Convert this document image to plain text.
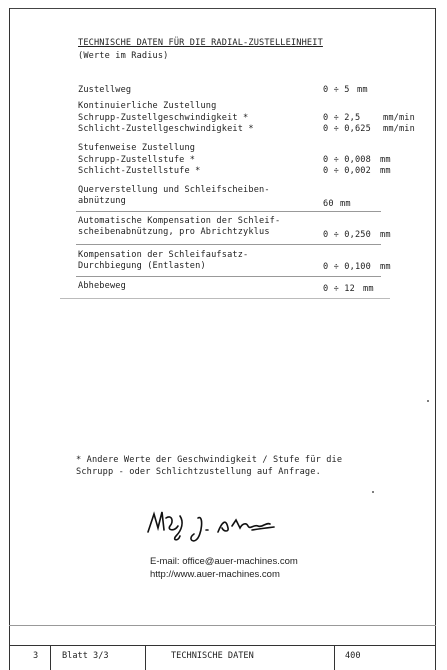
TECHNISCHE DATEN FÜR DIE RADIAL-ZUSTELLEINHEIT
(Werte im Radius)
Zustellweg	0 ÷ 5 mm
Kontinuierliche Zustellung
Schrupp-Zustellgeschwindigkeit *	0 ÷ 2,5	mm/min
Schlicht-Zustellgeschwindigkeit *	0 ÷ 0,625 mm/min
Stufenweise Zustellung
Schrupp-Zustellstufe *	0 ÷ 0,008 mm
Schlicht-Zustellstufe *	0 ÷ 0,002 mm
Querverstellung und Schleifscheiben-
abnützung	60 mm
Automatische Kompensation der Schleif-
scheibenabnützung, pro Abrichtzyklus	0 ÷ 0,250 mm
Kompensation der Schleifaufsatz-
Durchbiegung (Entlasten)	0 ÷ 0,100 mm
Abhebeweg	0 ÷ 12 mm
* Andere Werte der Geschwindigkeit / Stufe für die
Schrupp - oder Schlichtzustellung auf Anfrage.
E-mail: office@auer-machines.com
http://www.auer-machines.com
3	Blatt 3/3	TECHNISCHE DATEN	400
